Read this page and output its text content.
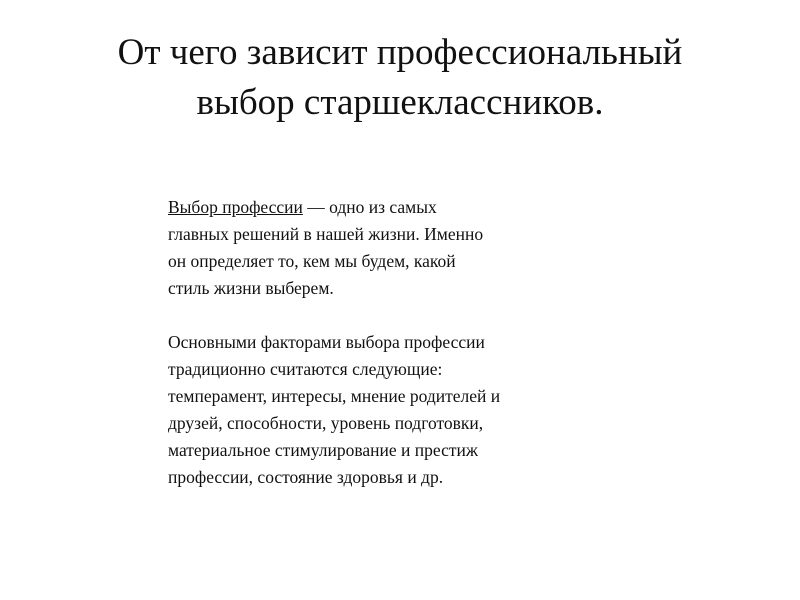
От чего зависит профессиональный
выбор старшеклассников.

Выбор профессии — одно из самых
главных решений в нашей жизни. Именно
он определяет то, кем мы будем, какой
стиль жизни выберем.

Основными факторами выбора профессии
традиционно считаются следующие:
темперамент, интересы, мнение родителей и
друзей, способности, уровень подготовки,
материальное стимулирование и престиж
профессии, состояние здоровья и др.
